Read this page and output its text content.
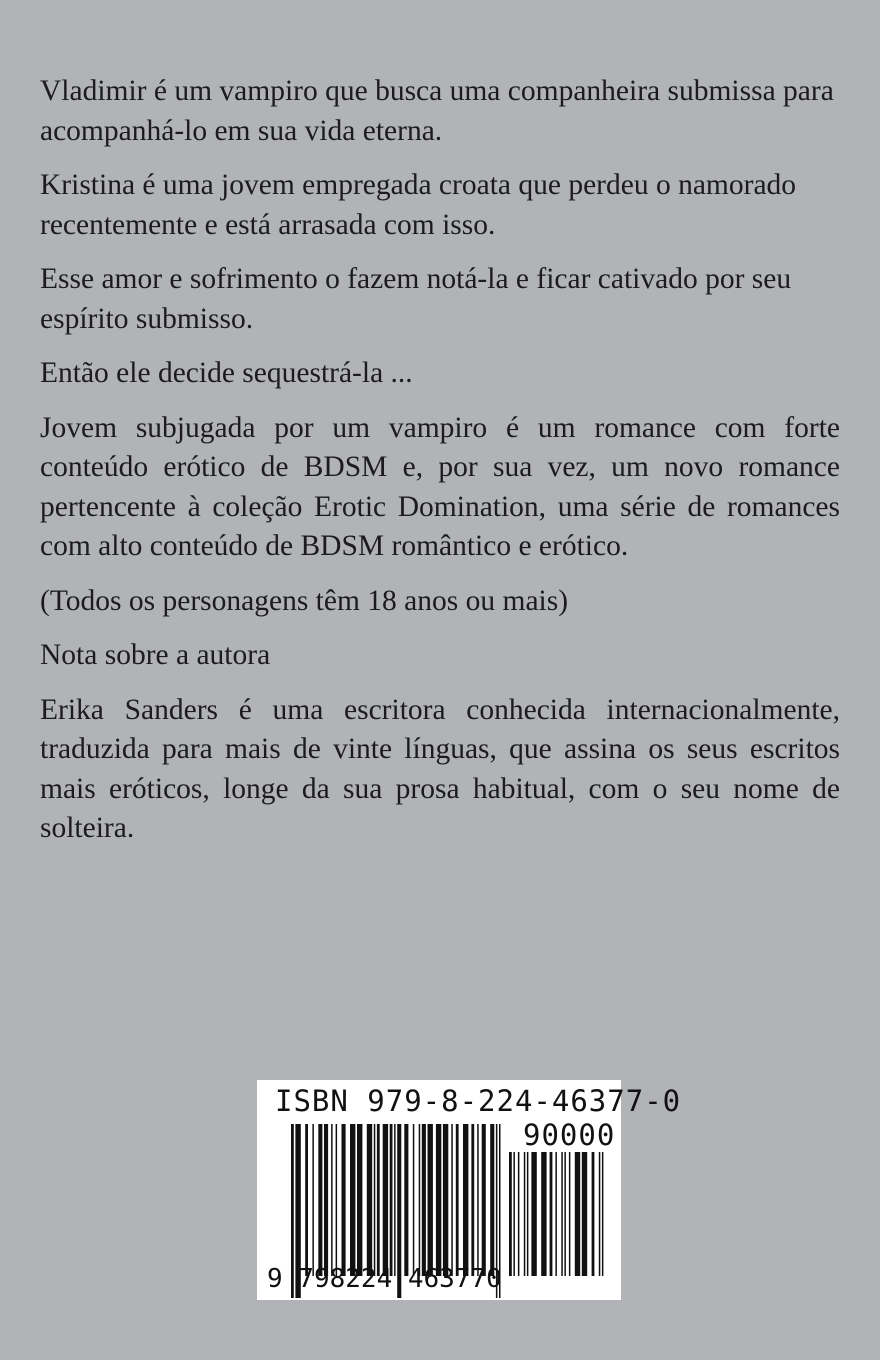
Vladimir é um vampiro que busca uma companheira submissa para acompanhá-lo em sua vida eterna.

Kristina é uma jovem empregada croata que perdeu o namorado recentemente e está arrasada com isso.

Esse amor e sofrimento o fazem notá-la e ficar cativado por seu espírito submisso.

Então ele decide sequestrá-la ...

Jovem subjugada por um vampiro é um romance com forte conteúdo erótico de BDSM e, por sua vez, um novo romance pertencente à coleção Erotic Domination, uma série de romances com alto conteúdo de BDSM romântico e erótico.

(Todos os personagens têm 18 anos ou mais)

Nota sobre a autora

Erika Sanders é uma escritora conhecida internacionalmente, traduzida para mais de vinte línguas, que assina os seus escritos mais eróticos, longe da sua prosa habitual, com o seu nome de solteira.

ISBN 979-8-224-46377-0
90000
9 798224 463770
